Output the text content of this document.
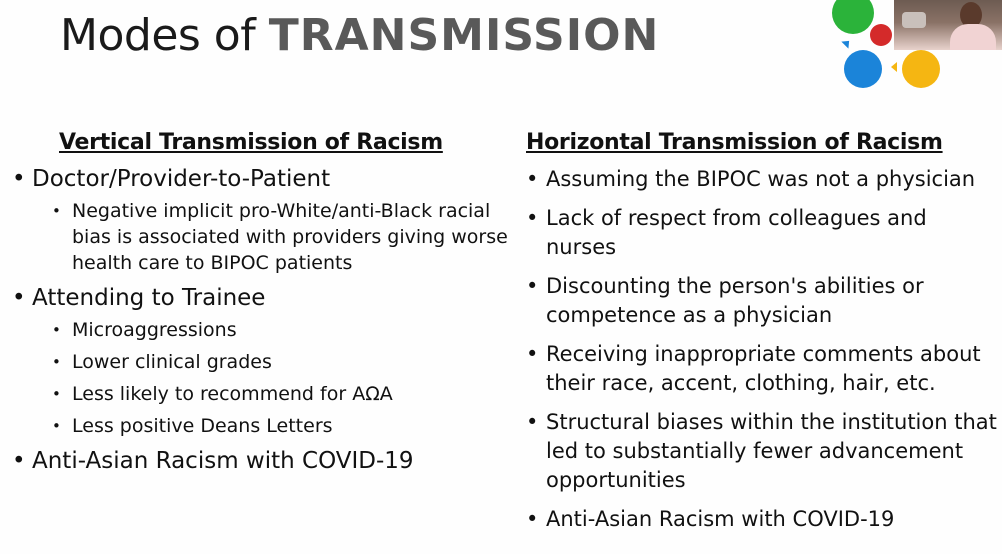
Modes of TRANSMISSION
Vertical Transmission of Racism
• Doctor/Provider-to-Patient
• Negative implicit pro-White/anti-Black racial bias is associated with providers giving worse health care to BIPOC patients
• Attending to Trainee
• Microaggressions
• Lower clinical grades
• Less likely to recommend for AΩA
• Less positive Deans Letters
• Anti-Asian Racism with COVID-19
Horizontal Transmission of Racism
• Assuming the BIPOC was not a physician
• Lack of respect from colleagues and nurses
• Discounting the person's abilities or competence as a physician
• Receiving inappropriate comments about their race, accent, clothing, hair, etc.
• Structural biases within the institution that led to substantially fewer advancement opportunities
• Anti-Asian Racism with COVID-19
